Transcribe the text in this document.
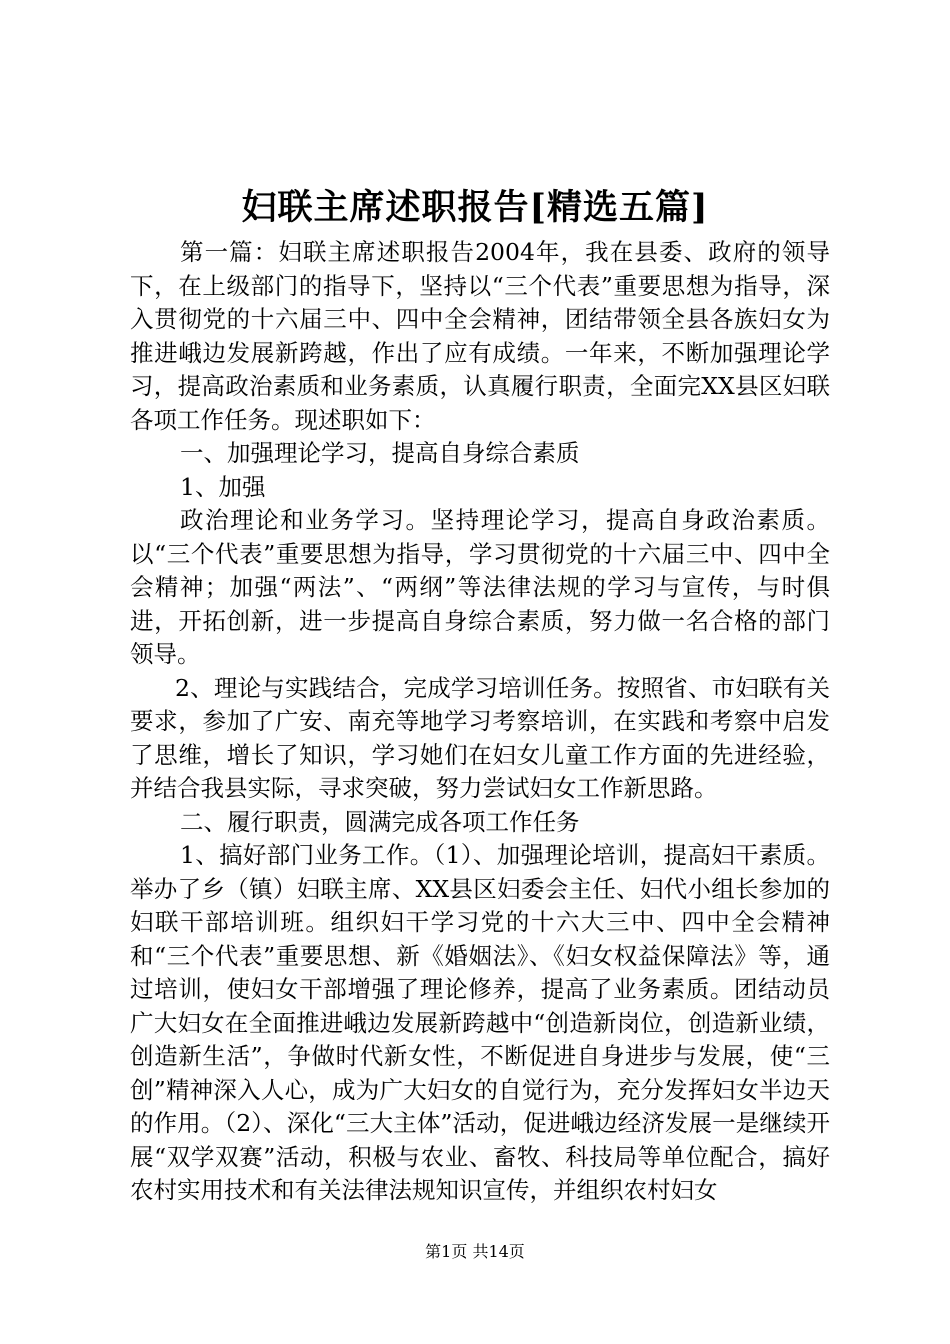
妇联主席述职报告[精选五篇]

第一篇：妇联主席述职报告2004年，我在县委、政府的领导下，在上级部门的指导下，坚持以“三个代表”重要思想为指导，深入贯彻党的十六届三中、四中全会精神，团结带领全县各族妇女为推进峨边发展新跨越，作出了应有成绩。一年来，不断加强理论学习，提高政治素质和业务素质，认真履行职责，全面完XX县区妇联各项工作任务。现述职如下：

一、加强理论学习，提高自身综合素质

1、加强

政治理论和业务学习。坚持理论学习，提高自身政治素质。以“三个代表”重要思想为指导，学习贯彻党的十六届三中、四中全会精神；加强“两法”、“两纲”等法律法规的学习与宣传，与时俱进，开拓创新，进一步提高自身综合素质，努力做一名合格的部门领导。

2、理论与实践结合，完成学习培训任务。按照省、市妇联有关要求，参加了广安、南充等地学习考察培训，在实践和考察中启发了思维，增长了知识，学习她们在妇女儿童工作方面的先进经验，并结合我县实际，寻求突破，努力尝试妇女工作新思路。

二、履行职责，圆满完成各项工作任务

1、搞好部门业务工作。（1）、加强理论培训，提高妇干素质。举办了乡（镇）妇联主席、XX县区妇委会主任、妇代小组长参加的妇联干部培训班。组织妇干学习党的十六大三中、四中全会精神和“三个代表”重要思想、新《婚姻法》、《妇女权益保障法》等，通过培训，使妇女干部增强了理论修养，提高了业务素质。团结动员广大妇女在全面推进峨边发展新跨越中“创造新岗位，创造新业绩，创造新生活”，争做时代新女性，不断促进自身进步与发展，使“三创”精神深入人心，成为广大妇女的自觉行为，充分发挥妇女半边天的作用。（2）、深化“三大主体”活动，促进峨边经济发展一是继续开展“双学双赛”活动，积极与农业、畜牧、科技局等单位配合，搞好农村实用技术和有关法律法规知识宣传，并组织农村妇女

第1页 共14页
